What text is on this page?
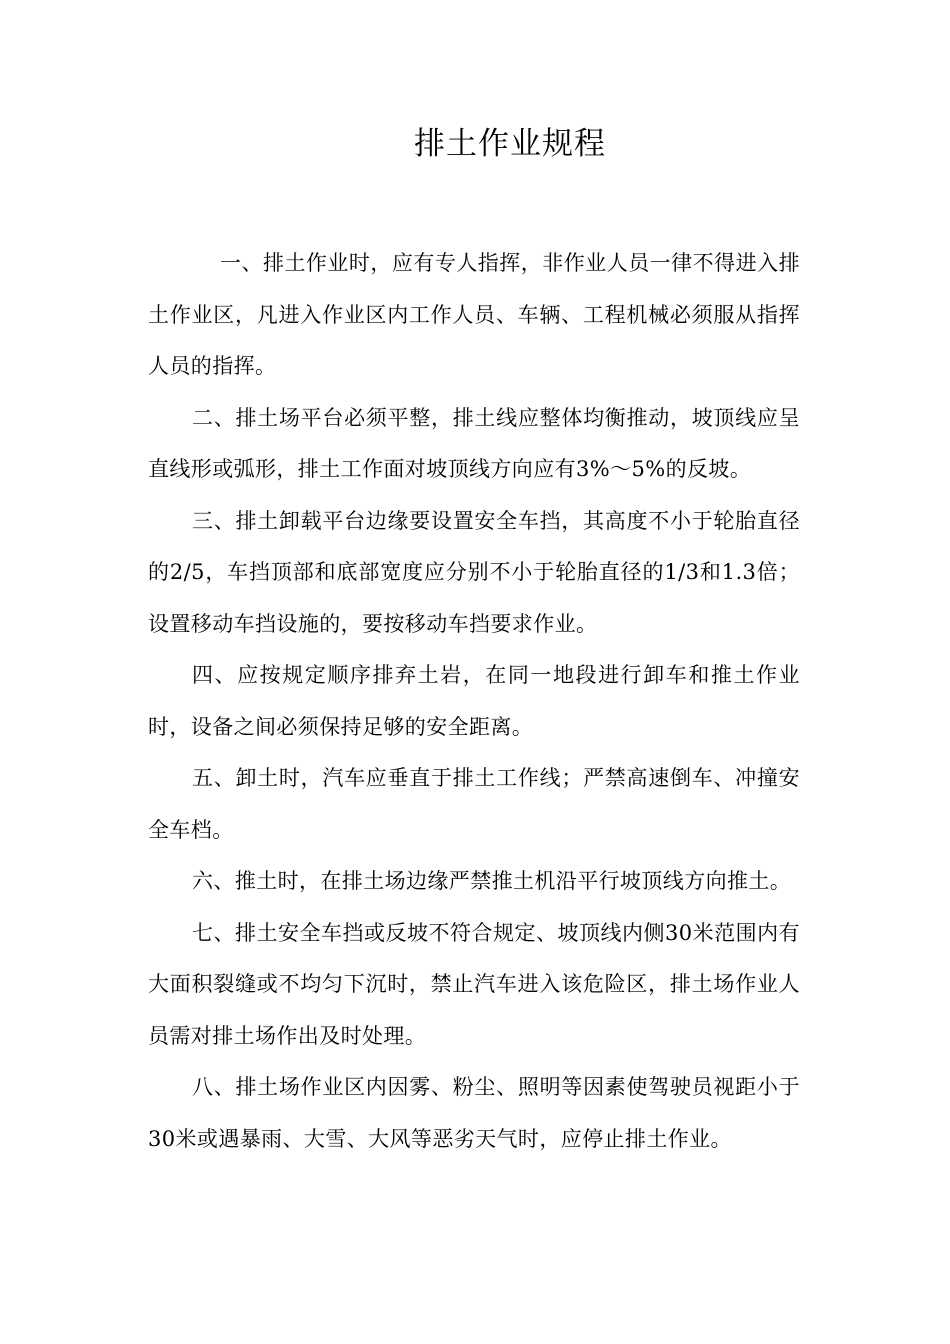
排土作业规程

一、排土作业时，应有专人指挥，非作业人员一律不得进入排土作业区，凡进入作业区内工作人员、车辆、工程机械必须服从指挥人员的指挥。

二、排土场平台必须平整，排土线应整体均衡推动，坡顶线应呈直线形或弧形，排土工作面对坡顶线方向应有3%～5%的反坡。

三、排土卸载平台边缘要设置安全车挡，其高度不小于轮胎直径的2/5，车挡顶部和底部宽度应分别不小于轮胎直径的1/3和1.3倍；设置移动车挡设施的，要按移动车挡要求作业。

四、应按规定顺序排弃土岩，在同一地段进行卸车和推土作业时，设备之间必须保持足够的安全距离。

五、卸土时，汽车应垂直于排土工作线；严禁高速倒车、冲撞安全车档。

六、推土时，在排土场边缘严禁推土机沿平行坡顶线方向推土。

七、排土安全车挡或反坡不符合规定、坡顶线内侧30米范围内有大面积裂缝或不均匀下沉时，禁止汽车进入该危险区，排土场作业人员需对排土场作出及时处理。

八、排土场作业区内因雾、粉尘、照明等因素使驾驶员视距小于30米或遇暴雨、大雪、大风等恶劣天气时，应停止排土作业。
